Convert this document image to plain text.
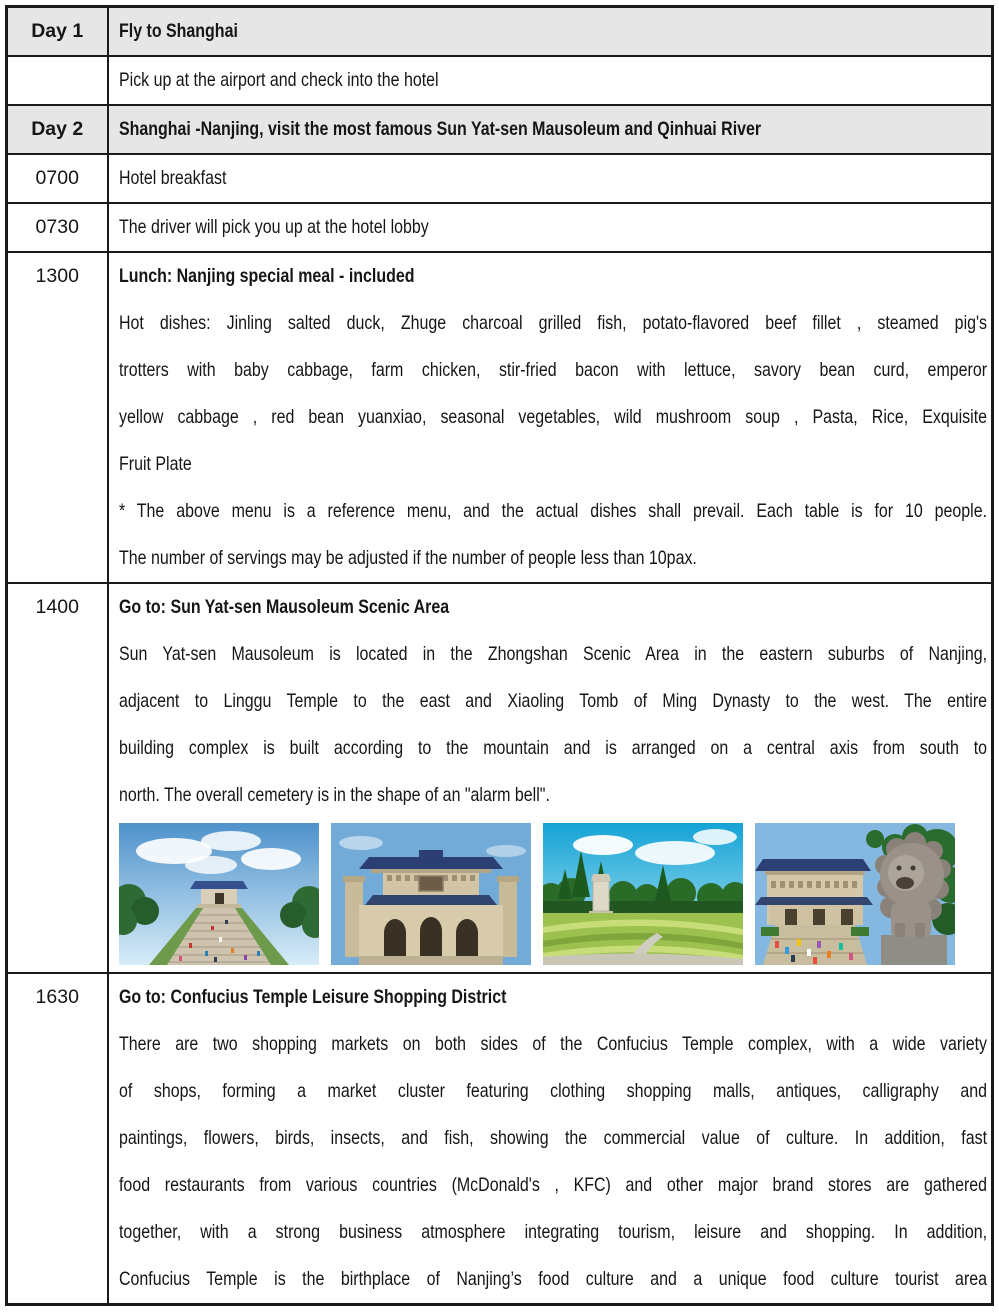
Day 1	Fly to Shanghai

	Pick up at the airport and check into the hotel

Day 2	Shanghai -Nanjing, visit the most famous Sun Yat-sen Mausoleum and Qinhuai River

0700	Hotel breakfast

0730	The driver will pick you up at the hotel lobby

1300	Lunch: Nanjing special meal - included
Hot dishes: Jinling salted duck, Zhuge charcoal grilled fish, potato-flavored beef fillet , steamed pig's
trotters with baby cabbage, farm chicken, stir-fried bacon with lettuce, savory bean curd, emperor
yellow cabbage , red bean yuanxiao, seasonal vegetables, wild mushroom soup , Pasta, Rice, Exquisite
Fruit Plate
* The above menu is a reference menu, and the actual dishes shall prevail. Each table is for 10 people.
The number of servings may be adjusted if the number of people less than 10pax.

1400	Go to: Sun Yat-sen Mausoleum Scenic Area
Sun Yat-sen Mausoleum is located in the Zhongshan Scenic Area in the eastern suburbs of Nanjing,
adjacent to Linggu Temple to the east and Xiaoling Tomb of Ming Dynasty to the west. The entire
building complex is built according to the mountain and is arranged on a central axis from south to
north. The overall cemetery is in the shape of an "alarm bell".

1630	Go to: Confucius Temple Leisure Shopping District
There are two shopping markets on both sides of the Confucius Temple complex, with a wide variety
of shops, forming a market cluster featuring clothing shopping malls, antiques, calligraphy and
paintings, flowers, birds, insects, and fish, showing the commercial value of culture. In addition, fast
food restaurants from various countries (McDonald's , KFC) and other major brand stores are gathered
together, with a strong business atmosphere integrating tourism, leisure and shopping. In addition,
Confucius Temple is the birthplace of Nanjing’s food culture and a unique food culture tourist area
